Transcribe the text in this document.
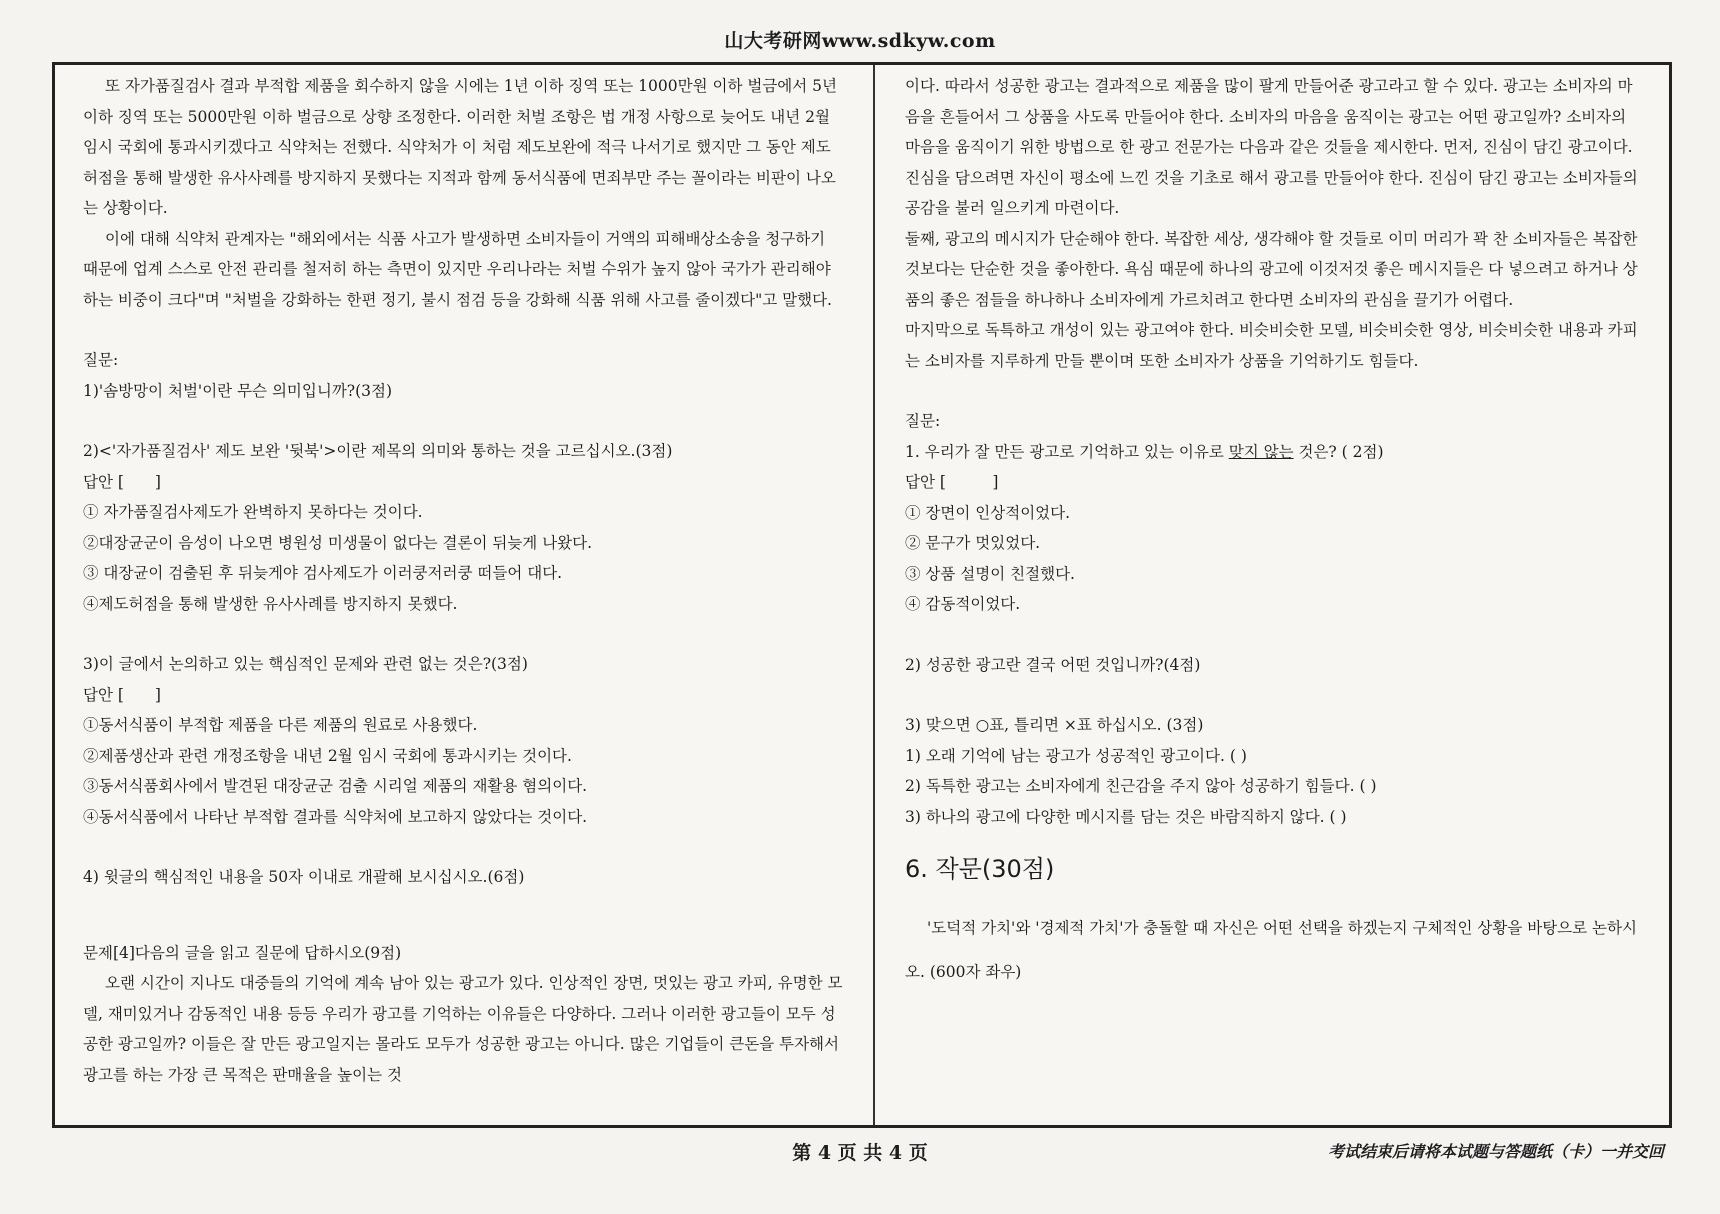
山大考研网www.sdkyw.com

또 자가품질검사 결과 부적합 제품을 회수하지 않을 시에는 1년 이하 징역 또는 1000만원 이하 벌금에서 5년 이하 징역 또는 5000만원 이하 벌금으로 상향 조정한다. 이러한 처벌 조항은 법 개정 사항으로 늦어도 내년 2월 임시 국회에 통과시키겠다고 식약처는 전했다. 식약처가 이 처럼 제도보완에 적극 나서기로 했지만 그 동안 제도허점을 통해 발생한 유사사례를 방지하지 못했다는 지적과 함께 동서식품에 면죄부만 주는 꼴이라는 비판이 나오는 상황이다.

이에 대해 식약처 관계자는 "해외에서는 식품 사고가 발생하면 소비자들이 거액의 피해배상소송을 청구하기 때문에 업계 스스로 안전 관리를 철저히 하는 측면이 있지만 우리나라는 처벌 수위가 높지 않아 국가가 관리해야 하는 비중이 크다"며 "처벌을 강화하는 한편 정기, 불시 점검 등을 강화해 식품 위해 사고를 줄이겠다"고 말했다.

질문:

1)'솜방망이 처벌'이란 무슨 의미입니까?(3점)

2)<'자가품질검사' 제도 보완 '뒷북'>이란 제목의 의미와 통하는 것을 고르십시오.(3점)

답안 [　　]

① 자가품질검사제도가 완벽하지 못하다는 것이다.

②대장균군이 음성이 나오면 병원성 미생물이 없다는 결론이 뒤늦게 나왔다.

③ 대장균이 검출된 후 뒤늦게야 검사제도가 이러쿵저러쿵 떠들어 대다.

④제도허점을 통해 발생한 유사사례를 방지하지 못했다.

3)이 글에서 논의하고 있는 핵심적인 문제와 관련 없는 것은?(3점)

답안 [　　]

①동서식품이 부적합 제품을 다른 제품의 원료로 사용했다.

②제품생산과 관련 개정조항을 내년 2월 임시 국회에 통과시키는 것이다.

③동서식품회사에서 발견된 대장균군 검출 시리얼 제품의 재활용 혐의이다.

④동서식품에서 나타난 부적합 결과를 식약처에 보고하지 않았다는 것이다.

4) 윗글의 핵심적인 내용을 50자 이내로 개괄해 보시십시오.(6점)

문제[4]다음의 글을 읽고 질문에 답하시오(9점)

오랜 시간이 지나도 대중들의 기억에 계속 남아 있는 광고가 있다. 인상적인 장면, 멋있는 광고 카피, 유명한 모델, 재미있거나 감동적인 내용 등등 우리가 광고를 기억하는 이유들은 다양하다. 그러나 이러한 광고들이 모두 성공한 광고일까? 이들은 잘 만든 광고일지는 몰라도 모두가 성공한 광고는 아니다. 많은 기업들이 큰돈을 투자해서 광고를 하는 가장 큰 목적은 판매율을 높이는 것

이다. 따라서 성공한 광고는 결과적으로 제품을 많이 팔게 만들어준 광고라고 할 수 있다. 광고는 소비자의 마음을 흔들어서 그 상품을 사도록 만들어야 한다. 소비자의 마음을 움직이는 광고는 어떤 광고일까? 소비자의 마음을 움직이기 위한 방법으로 한 광고 전문가는 다음과 같은 것들을 제시한다. 먼저, 진심이 담긴 광고이다. 진심을 담으려면 자신이 평소에 느낀 것을 기초로 해서 광고를 만들어야 한다. 진심이 담긴 광고는 소비자들의 공감을 불러 일으키게 마련이다.

둘째, 광고의 메시지가 단순해야 한다. 복잡한 세상, 생각해야 할 것들로 이미 머리가 꽉 찬 소비자들은 복잡한 것보다는 단순한 것을 좋아한다. 욕심 때문에 하나의 광고에 이것저것 좋은 메시지들은 다 넣으려고 하거나 상품의 좋은 점들을 하나하나 소비자에게 가르치려고 한다면 소비자의 관심을 끌기가 어렵다.

마지막으로 독특하고 개성이 있는 광고여야 한다. 비슷비슷한 모델, 비슷비슷한 영상, 비슷비슷한 내용과 카피는 소비자를 지루하게 만들 뿐이며 또한 소비자가 상품을 기억하기도 힘들다.

질문:

1. 우리가 잘 만든 광고로 기억하고 있는 이유로 맞지 않는 것은? ( 2점)

답안 [　　　]

① 장면이 인상적이었다.

② 문구가 멋있었다.

③ 상품 설명이 친절했다.

④ 감동적이었다.

2) 성공한 광고란 결국 어떤 것입니까?(4점)

3) 맞으면 ○표, 틀리면 ×표 하십시오. (3점)

1) 오래 기억에 남는 광고가 성공적인 광고이다. ( )

2) 독특한 광고는 소비자에게 친근감을 주지 않아 성공하기 힘들다. ( )

3) 하나의 광고에 다양한 메시지를 담는 것은 바람직하지 않다. ( )

6. 작문(30점)

'도덕적 가치'와 '경제적 가치'가 충돌할 때 자신은 어떤 선택을 하겠는지 구체적인 상황을 바탕으로 논하시오. (600자 좌우)

第 4 页 共 4 页	考试结束后请将本试题与答题纸（卡）一并交回
